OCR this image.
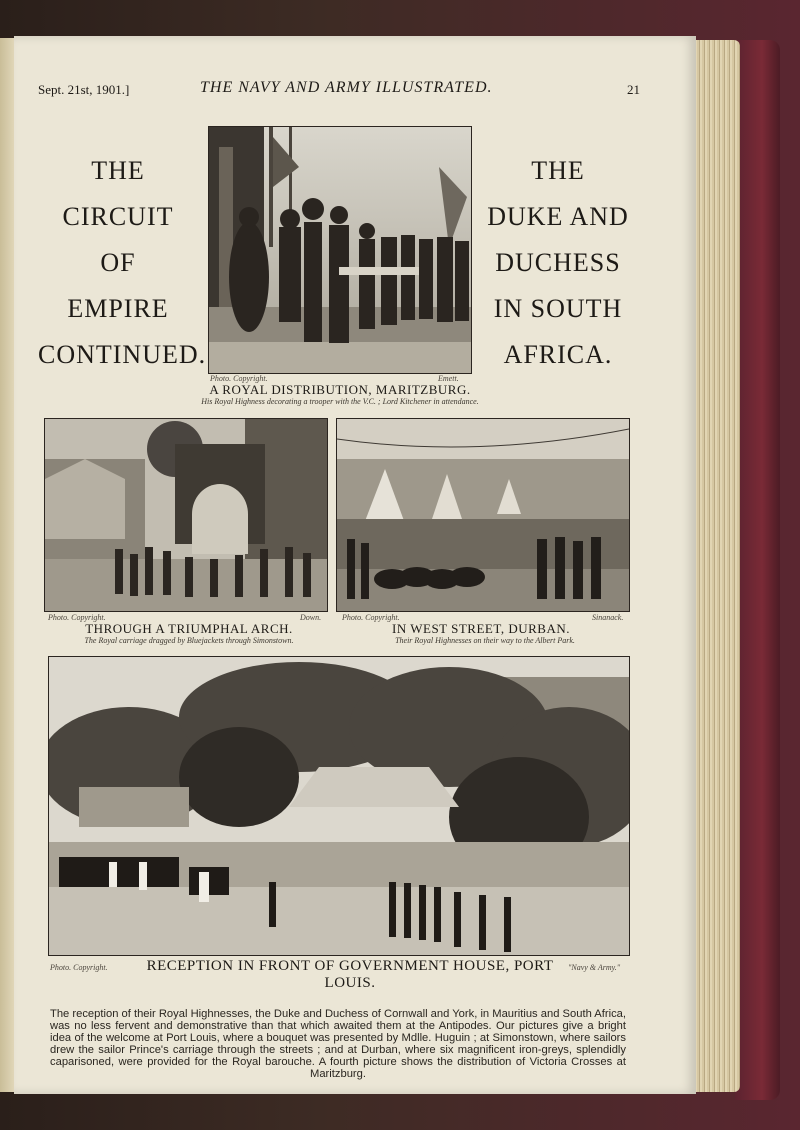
Sept. 21st, 1901.]	THE NAVY AND ARMY ILLUSTRATED.	21
THE
CIRCUIT
OF
EMPIRE
CONTINUED.
THE
DUKE AND
DUCHESS
IN SOUTH
AFRICA.
Photo. Copyright.	Emett.
A ROYAL DISTRIBUTION, MARITZBURG.
His Royal Highness decorating a trooper with the V.C. ; Lord Kitchener in attendance.
Photo. Copyright.	Down.
THROUGH A TRIUMPHAL ARCH.
The Royal carriage dragged by Bluejackets through Simonstown.
Photo. Copyright.	Sinanack.
IN WEST STREET, DURBAN.
Their Royal Highnesses on their way to the Albert Park.
Photo. Copyright.	"Navy & Army."
RECEPTION IN FRONT OF GOVERNMENT HOUSE, PORT LOUIS.
The reception of their Royal Highnesses, the Duke and Duchess of Cornwall and York, in Mauritius and South Africa, was no less fervent and demonstrative than that which awaited them at the Antipodes. Our pictures give a bright idea of the welcome at Port Louis, where a bouquet was presented by Mdlle. Huguin ; at Simonstown, where sailors drew the sailor Prince's carriage through the streets ; and at Durban, where six magnificent iron-greys, splendidly caparisoned, were provided for the Royal barouche. A fourth picture shows the distribution of Victoria Crosses at Maritzburg.
